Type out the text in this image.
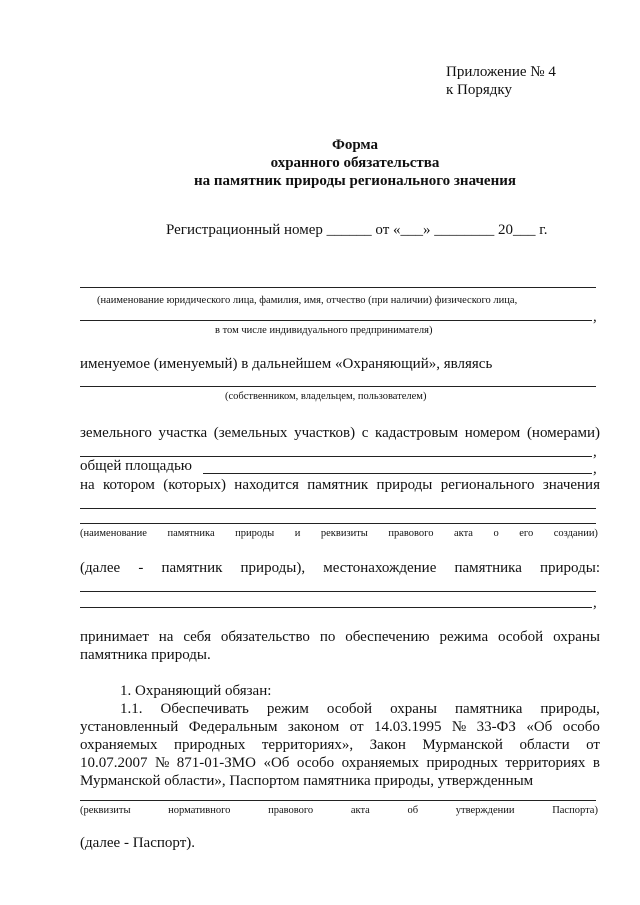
Приложение № 4
к Порядку
Форма
охранного обязательства
на памятник природы регионального значения
Регистрационный номер ______ от «___» ________ 20___ г.
(наименование юридического лица, фамилия, имя, отчество (при наличии) физического лица,
,
в том числе индивидуального предпринимателя)
именуемое (именуемый) в дальнейшем «Охраняющий», являясь
(собственником, владельцем, пользователем)
земельного участка (земельных участков) с кадастровым номером (номерами)
,
общей площадью	,
на котором (которых) находится памятник природы регионального значения
(наименование памятника природы и реквизиты правового акта о его создании)
(далее - памятник природы), местонахождение памятника природы:
,
принимает на себя обязательство по обеспечению режима особой охраны
памятника природы.
1. Охраняющий обязан:
1.1. Обеспечивать режим особой охраны памятника природы,
установленный Федеральным законом от 14.03.1995 № 33-ФЗ «Об особо
охраняемых природных территориях», Закон Мурманской области от
10.07.2007 № 871-01-ЗМО «Об особо охраняемых природных территориях в
Мурманской области», Паспортом памятника природы, утвержденным
(реквизиты	нормативного	правового	акта	об	утверждении	Паспорта)
(далее - Паспорт).
